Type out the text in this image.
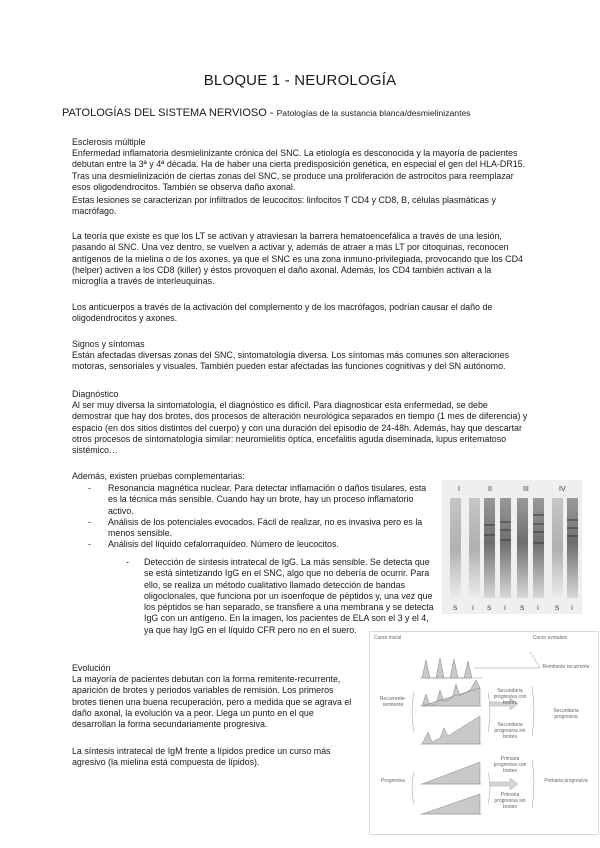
BLOQUE 1 - NEUROLOGÍA
PATOLOGÍAS DEL SISTEMA NERVIOSO - Patologías de la sustancia blanca/desmielinizantes
Esclerosis múltiple
Enfermedad inflamatoria desmielinizante crónica del SNC. La etiología es desconocida y la mayoría de pacientes debutan entre la 3ª y 4ª década. Ha de haber una cierta predisposición genética, en especial el gen del HLA-DR15. Tras una desmielinización de ciertas zonas del SNC, se produce una proliferación de astrocitos para reemplazar esos oligodendrocitos. También se observa daño axonal.
Estas lesiones se caracterizan por infiltrados de leucocitos: linfocitos T CD4 y CD8, B, células plasmáticas y macrófago.
La teoría que existe es que los LT se activan y atraviesan la barrera hematoencefálica a través de una lesión, pasando al SNC. Una vez dentro, se vuelven a activar y, además de atraer a más LT por citoquinas, reconocen antígenos de la mielina o de los axones, ya que el SNC es una zona inmuno-privilegiada, provocando que los CD4 (helper) activen a los CD8 (killer) y éstos provoquen el daño axonal. Además, los CD4 también activan a la microglía a través de interleuquinas.
Los anticuerpos a través de la activación del complemento y de los macrófagos, podrían causar el daño de oligodendrocitos y axones.
Signos y síntomas
Están afectadas diversas zonas del SNC, sintomatología diversa. Los síntomas más comunes son alteraciones motoras, sensoriales y visuales. También pueden estar afectadas las funciones cognitivas y del SN autónomo.
Diagnóstico
Al ser muy diversa la sintomatología, el diagnóstico es difícil. Para diagnosticar esta enfermedad, se debe demostrar que hay dos brotes, dos procesos de alteración neurológica separados en tiempo (1 mes de diferencia) y espacio (en dos sitios distintos del cuerpo) y con una duración del episodio de 24-48h. Además, hay que descartar otros procesos de sintomatología similar: neuromielitis óptica, encefalitis aguda diseminada, lupus eritematoso sistémico…
Además, existen pruebas complementarias:
- Resonancia magnética nuclear. Para detectar inflamación o daños tisulares, esta es la técnica más sensible. Cuando hay un brote, hay un proceso inflamatorio activo.
- Análisis de los potenciales evocados. Fácil de realizar, no es invasiva pero es la menos sensible.
- Análisis del líquido cefalorraquídeo. Número de leucocitos.
- Detección de síntesis intratecal de IgG. La más sensible. Se detecta que se está sintetizando IgG en el SNC, algo que no debería de ocurrir. Para ello, se realiza un método cualitativo llamado detección de bandas oligoclonales, que funciona por un isoenfoque de péptidos y, una vez que los péptidos se han separado, se transfiere a una membrana y se detecta IgG con un antígeno. En la imagen, los pacientes de ELA son el 3 y el 4, ya que hay IgG en el líquido CFR pero no en el suero.
I	II	III	IV
S I S I S I S I
Evolución
La mayoría de pacientes debutan con la forma remitente-recurrente, aparición de brotes y periodos variables de remisión. Los primeros brotes tienen una buena recuperación, pero a medida que se agrava el daño axonal, la evolución va a peor. Llega un punto en el que desarrollan la forma secundariamente progresiva.
La síntesis intratecal de IgM frente a lípidos predice un curso más agresivo (la mielina está compuesta de lípidos).
Curso inicial	Curso evolutivo
Recurrente-remitente
Progresiva
Secundaria progresiva con brotes
Secundaria progresiva sin brotes
Primaria progresiva con brotes
Primaria progresiva sin brotes
Remitente recurrente
Secundaria progresiva
Primaria progresiva
